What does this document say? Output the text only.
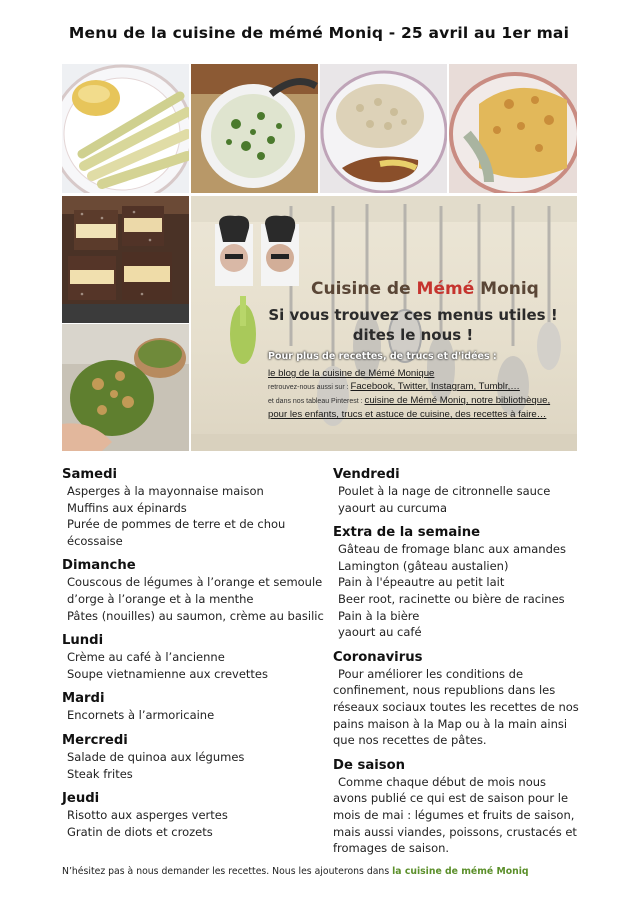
Menu de la cuisine de mémé Moniq - 25 avril au 1er mai
Cuisine de Mémé Moniq
Si vous trouvez ces menus utiles !
dites le nous !
Pour plus de recettes, de trucs et d'idées :
le blog de la cuisine de Mémé Monique
retrouvez-nous aussi sur : Facebook, Twitter, Instagram, Tumblr,…
et dans nos tableau Pinterest : cuisine de Mémé Moniq, notre bibliothèque, pour les enfants, trucs et astuce de cuisine, des recettes à faire…
Samedi
Asperges à la mayonnaise maison
Muffins aux épinards
Purée de pommes de terre et de chou écossaise
Dimanche
Couscous de légumes à l’orange et semoule d’orge à l’orange et à la menthe
Pâtes (nouilles) au saumon, crème au basilic
Lundi
Crème au café à l’ancienne
Soupe vietnamienne aux crevettes
Mardi
Encornets à l’armoricaine
Mercredi
Salade de quinoa aux légumes
Steak frites
Jeudi
Risotto aux asperges vertes
Gratin de diots et crozets
Vendredi
Poulet à la nage de citronnelle sauce yaourt au curcuma
Extra de la semaine
Gâteau de fromage blanc aux amandes
Lamington (gâteau austalien)
Pain à l'épeautre au petit lait
Beer root, racinette ou bière de racines
Pain à la bière
yaourt au café
Coronavirus
Pour améliorer les conditions de confinement, nous republions dans les réseaux sociaux toutes les recettes de nos pains maison à la Map ou à la main ainsi que nos recettes de pâtes.
De saison
Comme chaque début de mois nous avons publié ce qui est de saison pour le mois de mai : légumes et fruits de saison, mais aussi viandes, poissons, crustacés et fromages de saison.
N’hésitez pas à nous demander les recettes. Nous les ajouterons dans la cuisine de mémé Moniq
